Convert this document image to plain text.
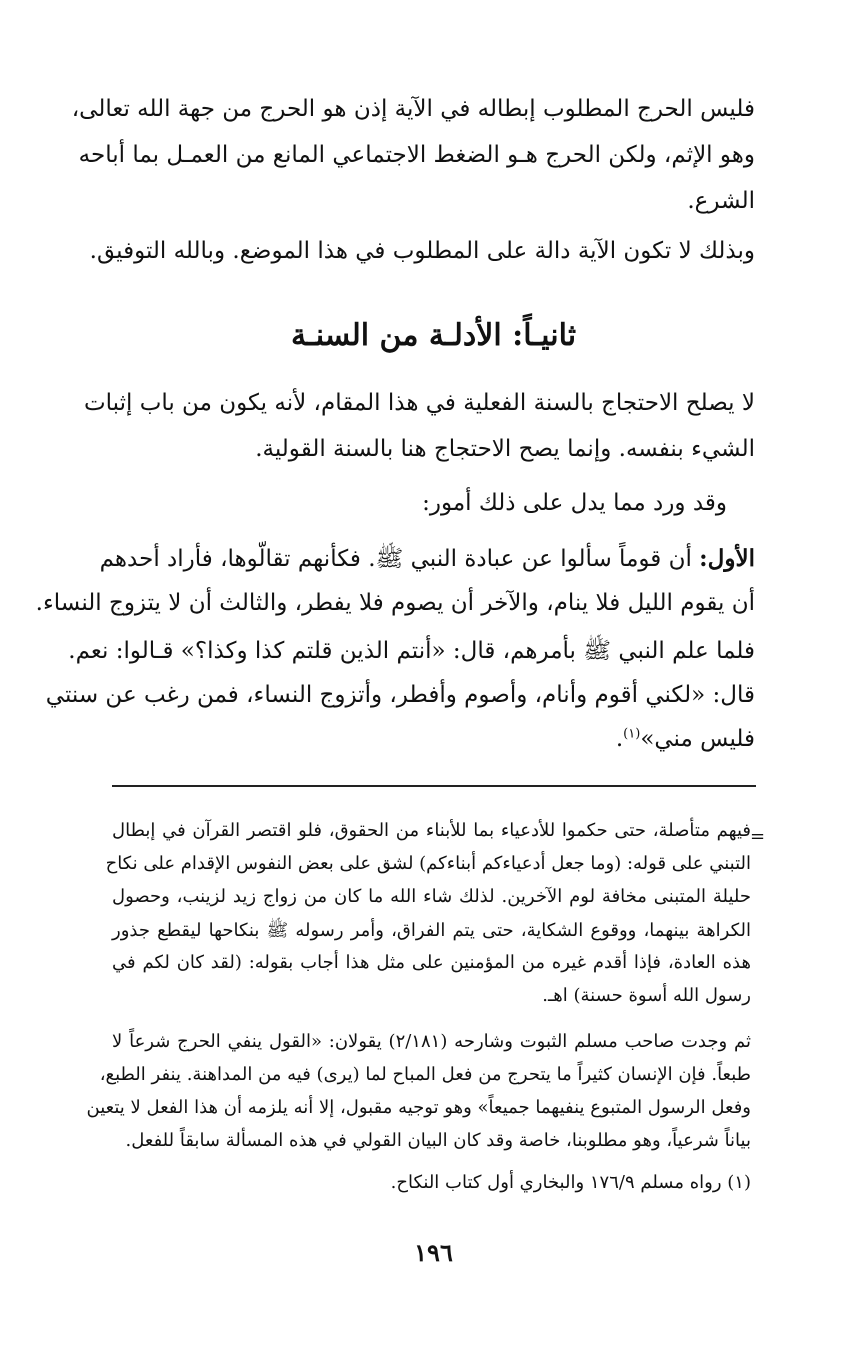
فليس الحرج المطلوب إبطاله في الآية إذن هو الحرج من جهة الله تعالى،
وهو الإثم، ولكن الحرج هـو الضغط الاجتماعي المانع من العمـل بما أباحه
الشرع.
وبذلك لا تكون الآية دالة على المطلوب في هذا الموضع. وبالله التوفيق.
ثانيـاً: الأدلـة من السنـة
لا يصلح الاحتجاج بالسنة الفعلية في هذا المقام، لأنه يكون من باب إثبات
الشيء بنفسه. وإنما يصح الاحتجاج هنا بالسنة القولية.
وقد ورد مما يدل على ذلك أمور:
الأول: أن قوماً سألوا عن عبادة النبي ﷺ. فكأنهم تقالّوها، فأراد أحدهم
أن يقوم الليل فلا ينام، والآخر أن يصوم فلا يفطر، والثالث أن لا يتزوج النساء.
فلما علم النبي ﷺ بأمرهم، قال: «أنتم الذين قلتم كذا وكذا؟» قـالوا: نعم.
قال: «لكني أقوم وأنام، وأصوم وأفطر، وأتزوج النساء، فمن رغب عن سنتي
فليس مني»$^{(١)}$.
=
فيهم متأصلة، حتى حكموا للأدعياء بما للأبناء من الحقوق، فلو اقتصر القرآن في إبطال
التبني على قوله: (وما جعل أدعياءكم أبناءكم) لشق على بعض النفوس الإقدام على نكاح
حليلة المتبنى مخافة لوم الآخرين. لذلك شاء الله ما كان من زواج زيد لزينب، وحصول
الكراهة بينهما، ووقوع الشكاية، حتى يتم الفراق، وأمر رسوله ﷺ بنكاحها ليقطع جذور
هذه العادة، فإذا أقدم غيره من المؤمنين على مثل هذا أجاب بقوله: (لقد كان لكم في
رسول الله أسوة حسنة) اهـ.
ثم وجدت صاحب مسلم الثبوت وشارحه (٢/١٨١) يقولان: «القول ينفي الحرج شرعاً لا
طبعاً. فإن الإنسان كثيراً ما يتحرج من فعل المباح لما (يرى) فيه من المداهنة. ينفر الطبع،
وفعل الرسول المتبوع ينفيهما جميعاً» وهو توجيه مقبول، إلا أنه يلزمه أن هذا الفعل لا يتعين
بياناً شرعياً، وهو مطلوبنا، خاصة وقد كان البيان القولي في هذه المسألة سابقاً للفعل.
(١) رواه مسلم ١٧٦/٩ والبخاري أول كتاب النكاح.
١٩٦
